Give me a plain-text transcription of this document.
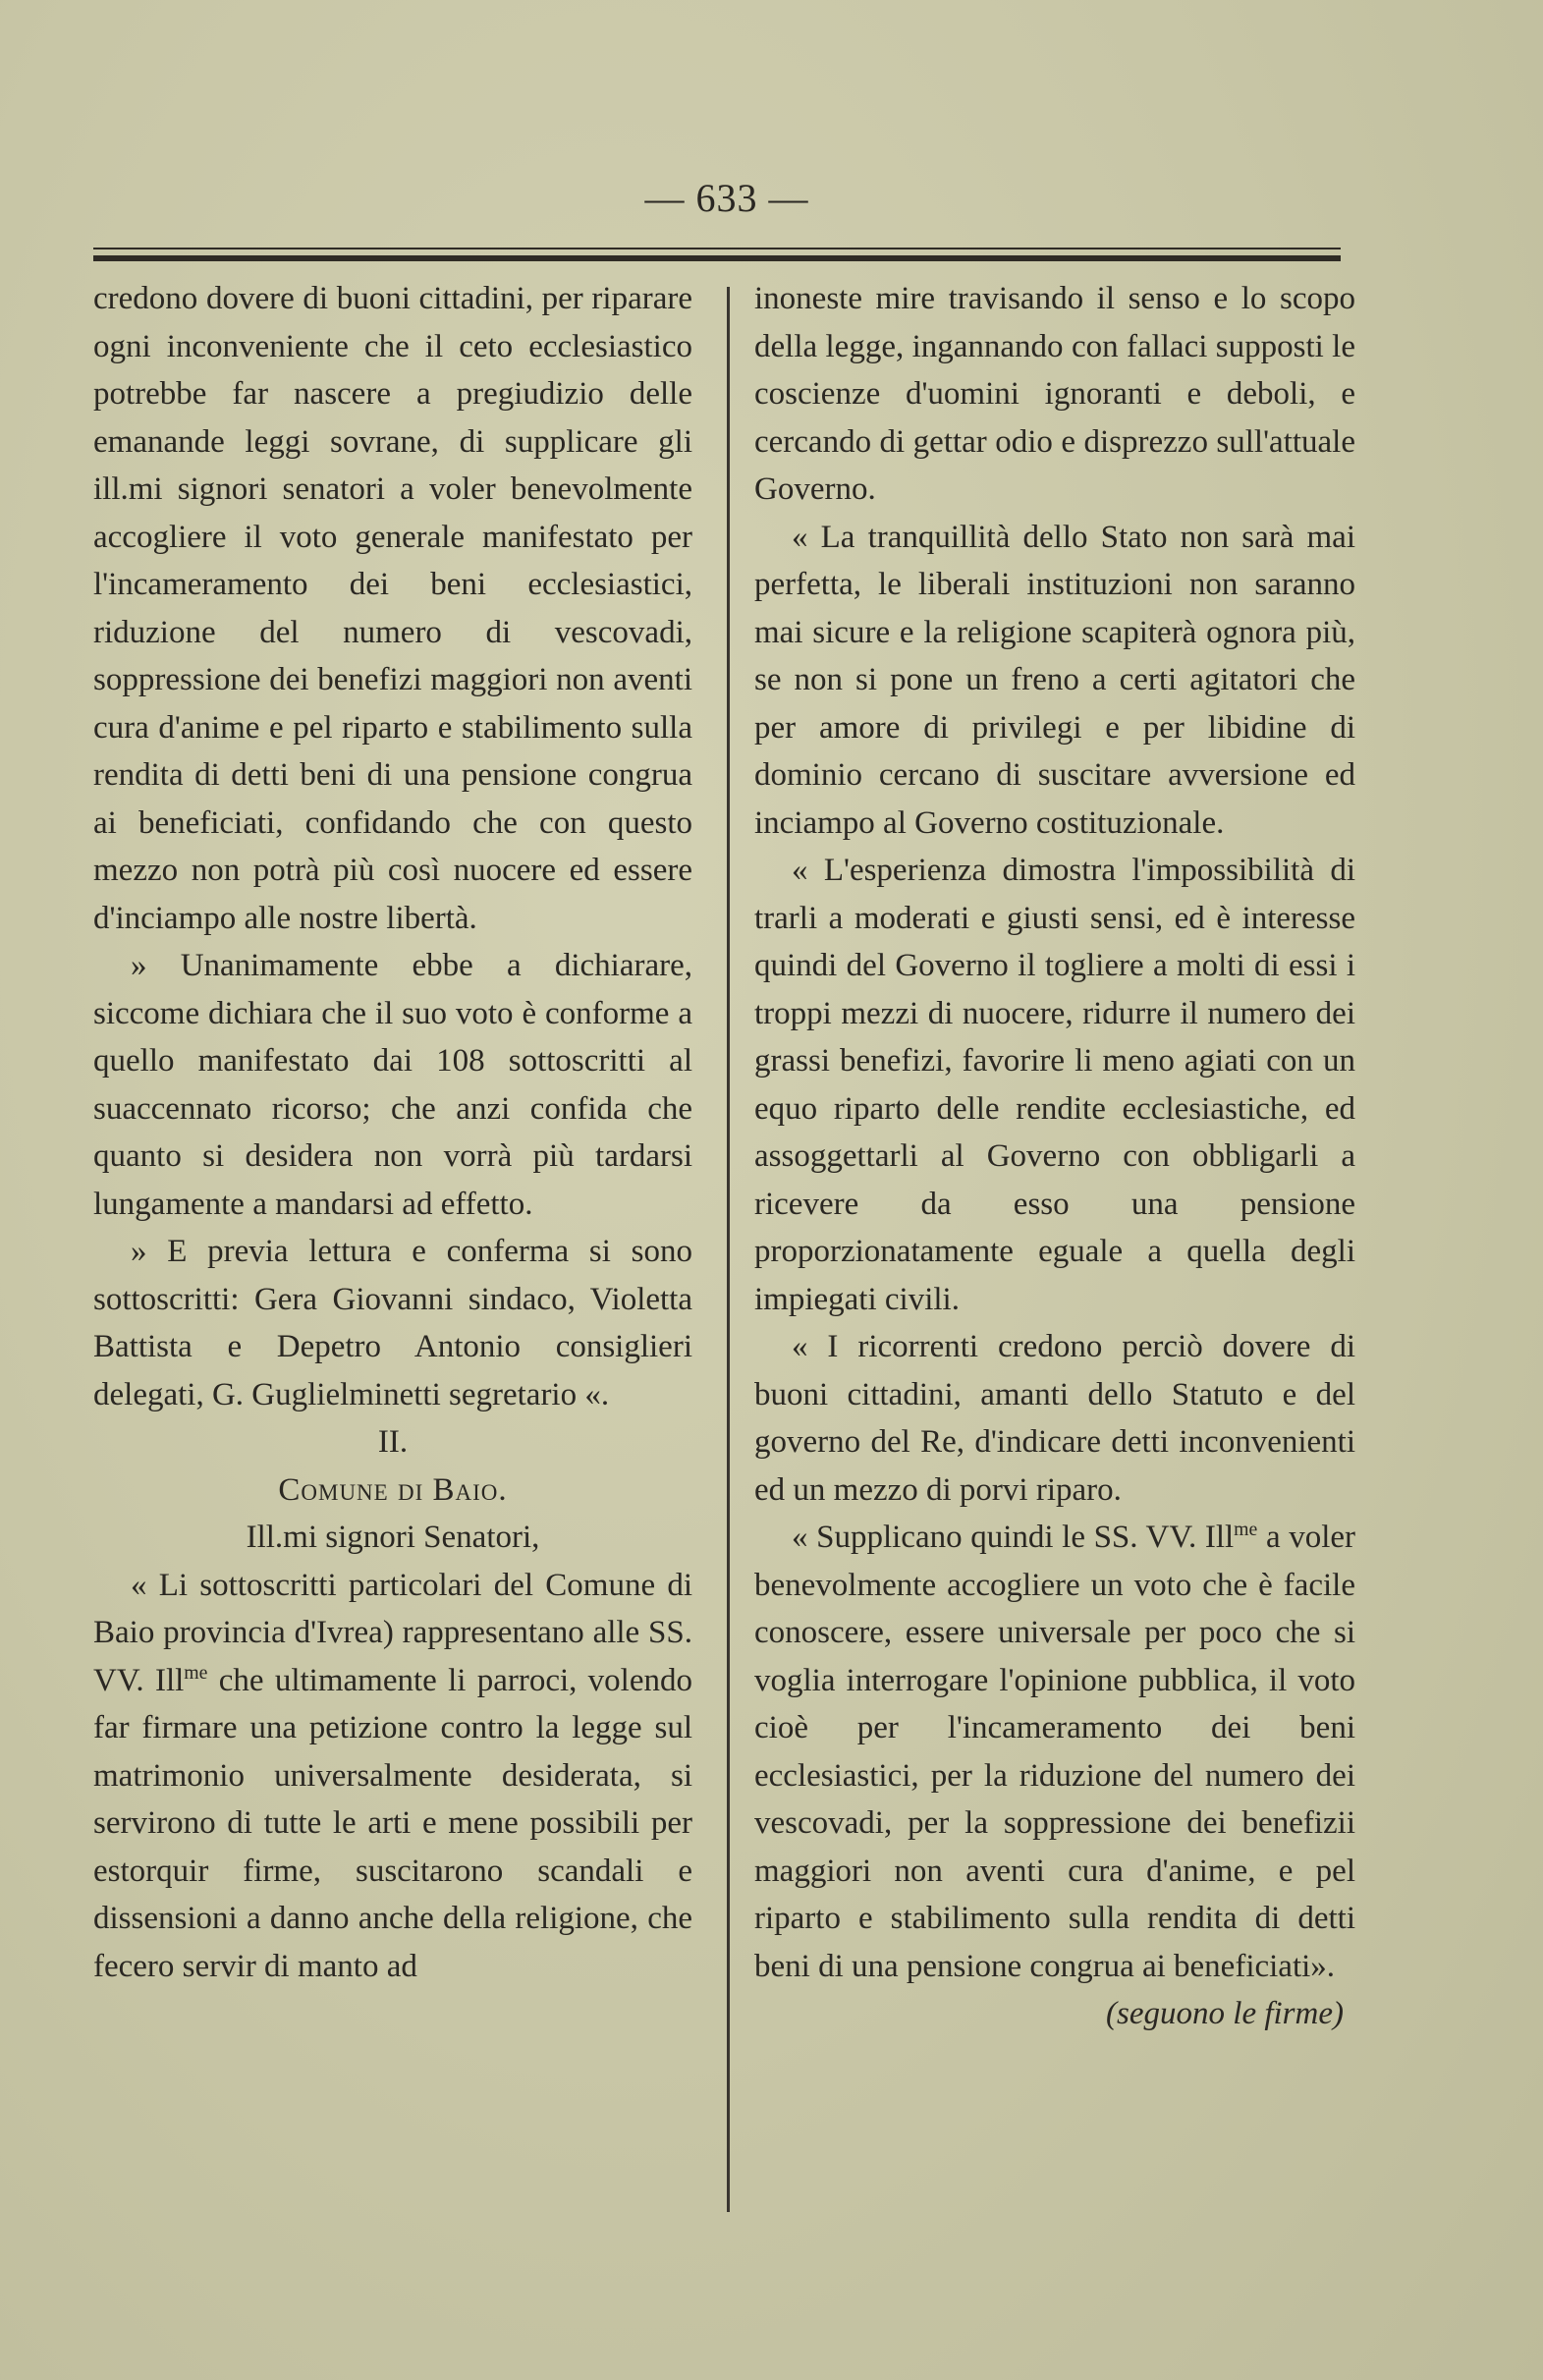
— 633 —

credono dovere di buoni cittadini, per riparare ogni inconveniente che il ceto ecclesiastico potrebbe far nascere a pregiudizio delle emanande leggi sovrane, di supplicare gli ill.mi signori senatori a voler benevolmente accogliere il voto generale manifestato per l'incameramento dei beni ecclesiastici, riduzione del numero di vescovadi, soppressione dei benefizi maggiori non aventi cura d'anime e pel riparto e stabilimento sulla rendita di detti beni di una pensione congrua ai beneficiati, confidando che con questo mezzo non potrà più così nuocere ed essere d'inciampo alle nostre libertà.

» Unanimamente ebbe a dichiarare, siccome dichiara che il suo voto è conforme a quello manifestato dai 108 sottoscritti al suaccennato ricorso; che anzi confida che quanto si desidera non vorrà più tardarsi lungamente a mandarsi ad effetto.

» E previa lettura e conferma si sono sottoscritti: Gera Giovanni sindaco, Violetta Battista e Depetro Antonio consiglieri delegati, G. Guglielminetti segretario «.

II.

Comune di Baio.

Ill.mi signori Senatori,

« Li sottoscritti particolari del Comune di Baio provincia d'Ivrea) rappresentano alle SS. VV. Ill$^{me}$ che ultimamente li parroci, volendo far firmare una petizione contro la legge sul matrimonio universalmente desiderata, si servirono di tutte le arti e mene possibili per estorquir firme, suscitarono scandali e dissensioni a danno anche della religione, che fecero servir di manto ad

inoneste mire travisando il senso e lo scopo della legge, ingannando con fallaci supposti le coscienze d'uomini ignoranti e deboli, e cercando di gettar odio e disprezzo sull'attuale Governo.

« La tranquillità dello Stato non sarà mai perfetta, le liberali instituzioni non saranno mai sicure e la religione scapiterà ognora più, se non si pone un freno a certi agitatori che per amore di privilegi e per libidine di dominio cercano di suscitare avversione ed inciampo al Governo costituzionale.

« L'esperienza dimostra l'impossibilità di trarli a moderati e giusti sensi, ed è interesse quindi del Governo il togliere a molti di essi i troppi mezzi di nuocere, ridurre il numero dei grassi benefizi, favorire li meno agiati con un equo riparto delle rendite ecclesiastiche, ed assoggettarli al Governo con obbligarli a ricevere da esso una pensione proporzionatamente eguale a quella degli impiegati civili.

« I ricorrenti credono perciò dovere di buoni cittadini, amanti dello Statuto e del governo del Re, d'indicare detti inconvenienti ed un mezzo di porvi riparo.

« Supplicano quindi le SS. VV. Ill$^{me}$ a voler benevolmente accogliere un voto che è facile conoscere, essere universale per poco che si voglia interrogare l'opinione pubblica, il voto cioè per l'incameramento dei beni ecclesiastici, per la riduzione del numero dei vescovadi, per la soppressione dei benefizii maggiori non aventi cura d'anime, e pel riparto e stabilimento sulla rendita di detti beni di una pensione congrua ai beneficiati».

(seguono le firme)
